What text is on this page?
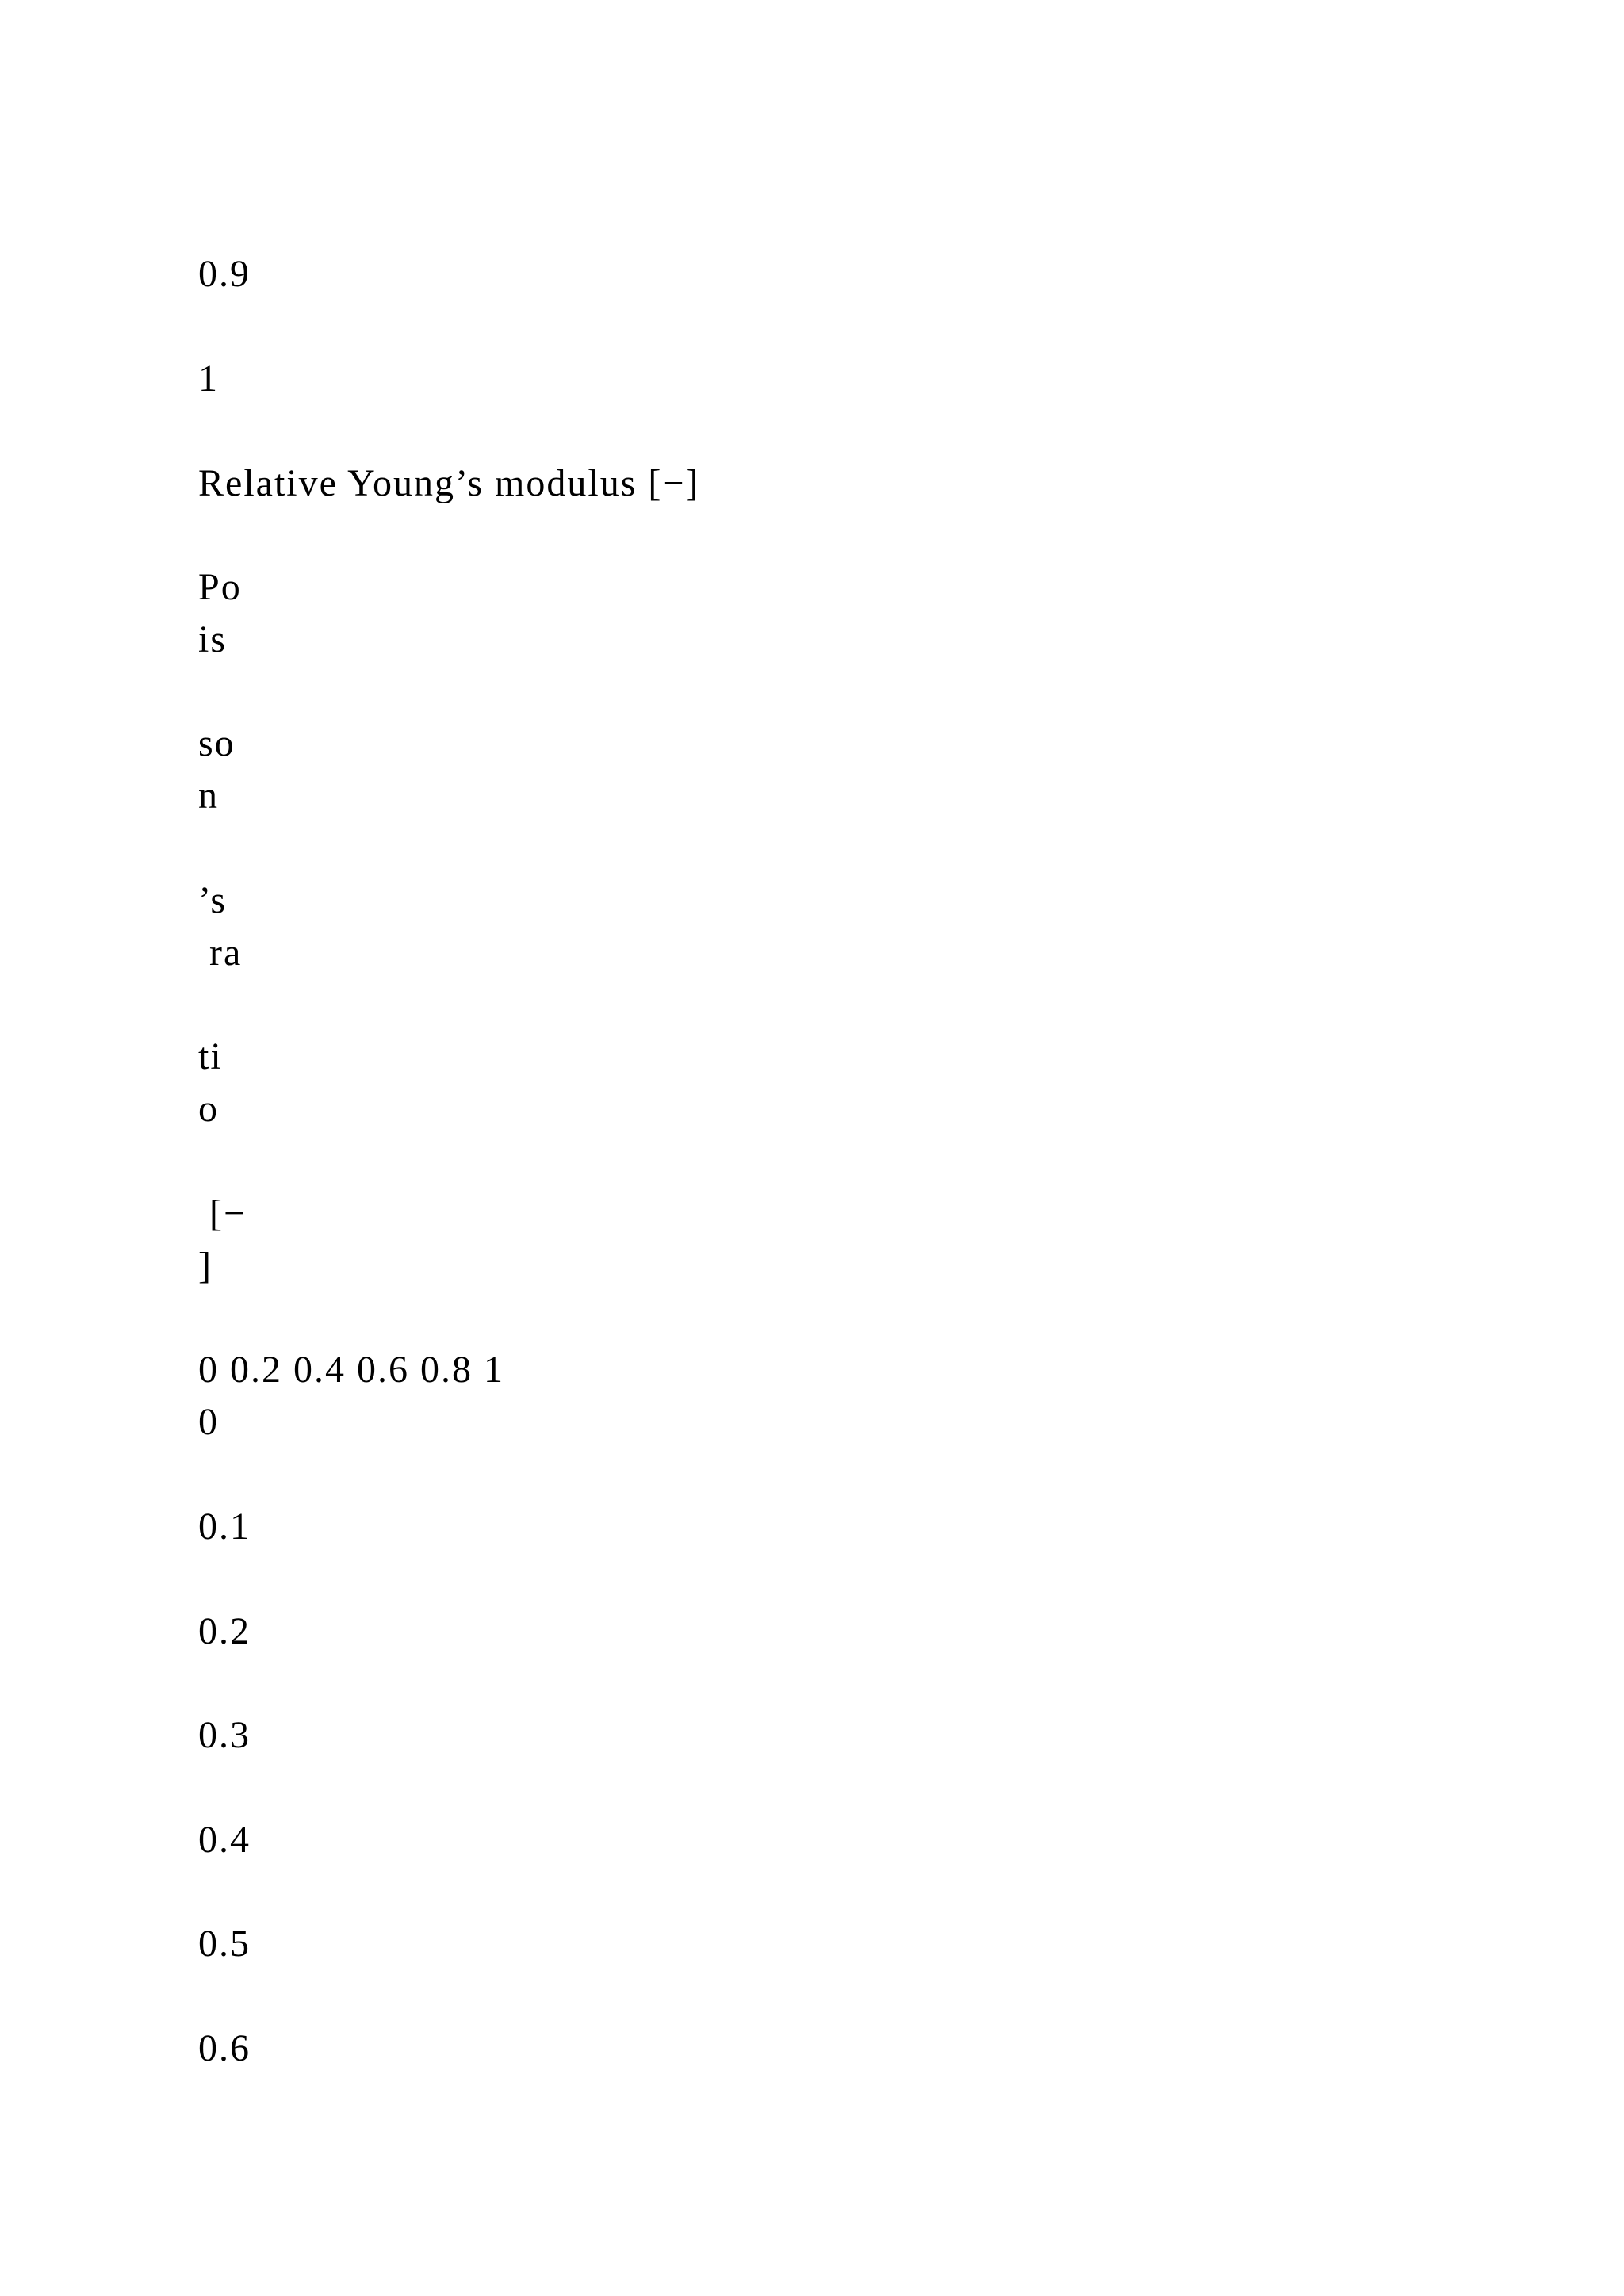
0.9

1

Relative Young’s modulus [−]

Po

is

so

n

’s

ra

ti

o

[−

]

0 0.2 0.4 0.6 0.8 1

0

0.1

0.2

0.3

0.4

0.5

0.6
